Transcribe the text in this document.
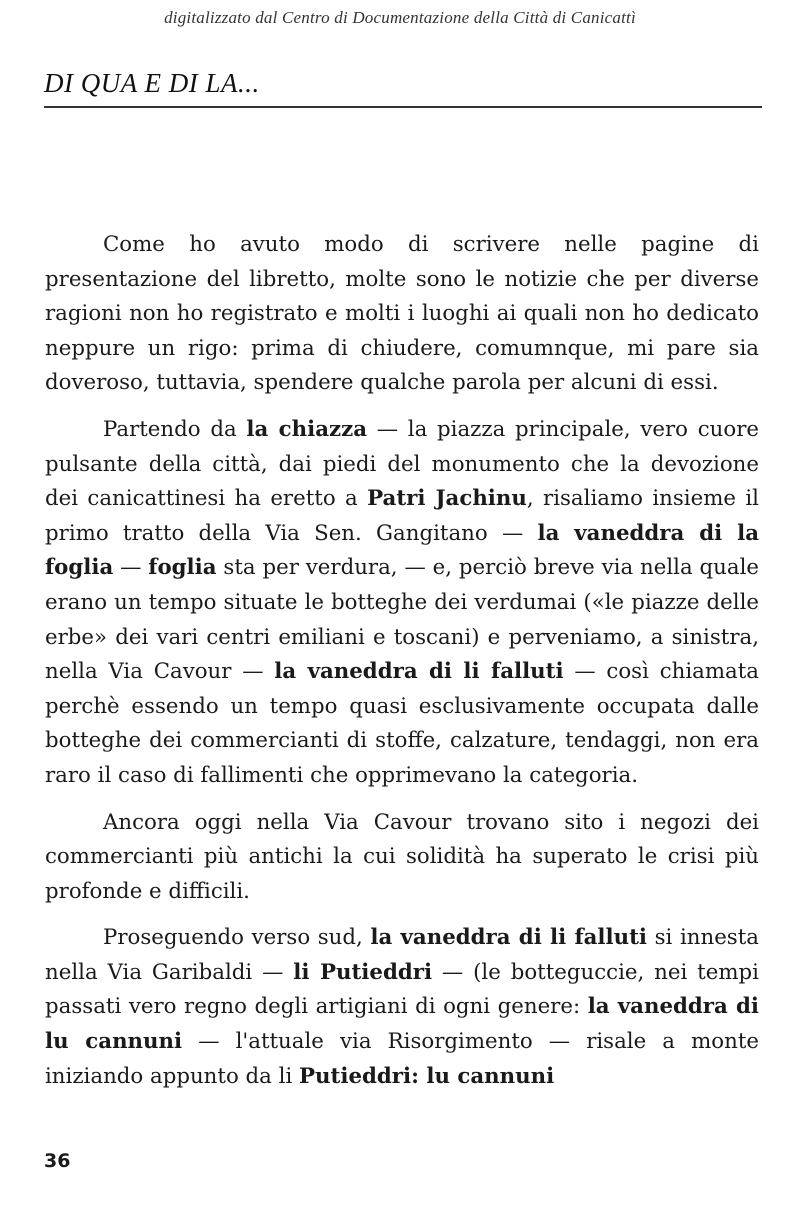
digitalizzato dal Centro di Documentazione della Città di Canicattì
DI QUA E DI LA...

Come ho avuto modo di scrivere nelle pagine di presentazione del libretto, molte sono le notizie che per diverse ragioni non ho registrato e molti i luoghi ai quali non ho dedicato neppure un rigo: prima di chiudere, comumnque, mi pare sia doveroso, tuttavia, spendere qualche parola per alcuni di essi.

Partendo da la chiazza — la piazza principale, vero cuore pulsante della città, dai piedi del monumento che la devozione dei canicattinesi ha eretto a Patri Jachinu, risaliamo insieme il primo tratto della Via Sen. Gangitano — la vaneddra di la foglia — foglia sta per verdura, — e, perciò breve via nella quale erano un tempo situate le botteghe dei verdumai («le piazze delle erbe» dei vari centri emiliani e toscani) e perveniamo, a sinistra, nella Via Cavour — la vaneddra di li falluti — così chiamata perchè essendo un tempo quasi esclusivamente occupata dalle botteghe dei commercianti di stoffe, calzature, tendaggi, non era raro il caso di fallimenti che opprimevano la categoria.

Ancora oggi nella Via Cavour trovano sito i negozi dei commercianti più antichi la cui solidità ha superato le crisi più profonde e difficili.

Proseguendo verso sud, la vaneddra di li falluti si innesta nella Via Garibaldi — li Putieddri — (le botteguccie, nei tempi passati vero regno degli artigiani di ogni genere: la vaneddra di lu cannuni — l'attuale via Risorgimento — risale a monte iniziando appunto da li Putieddri: lu cannuni

36
